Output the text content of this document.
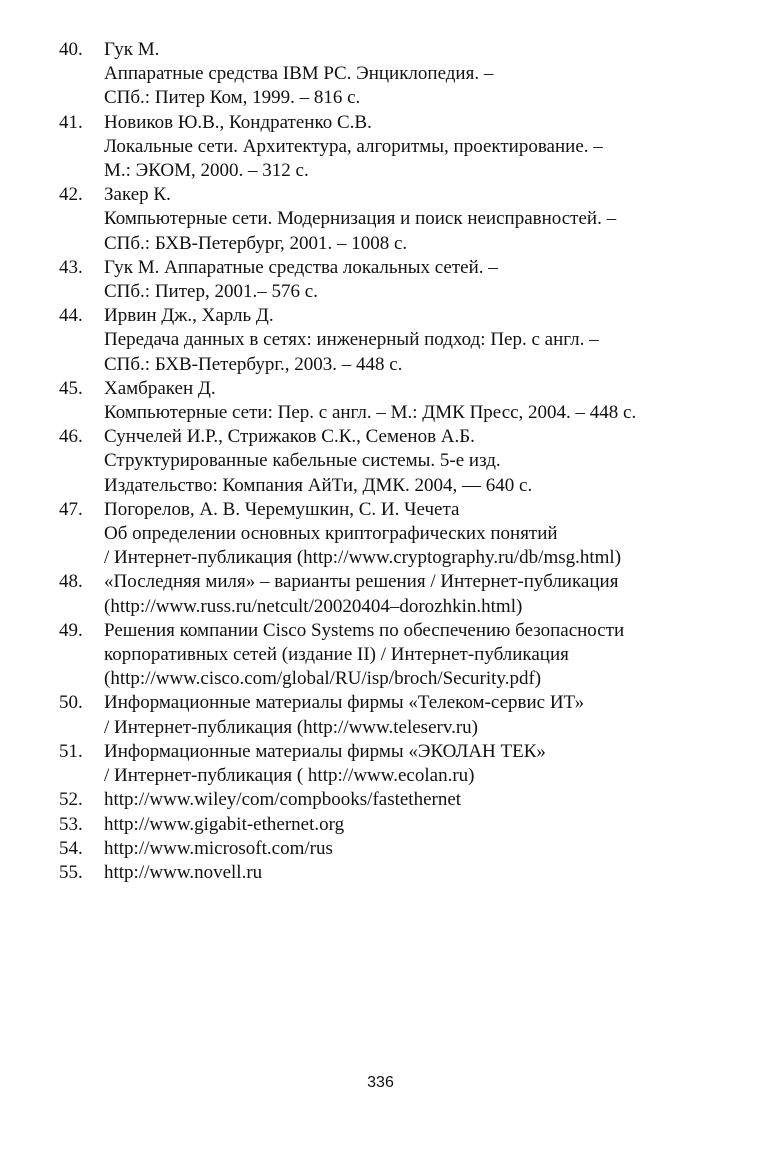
40. Гук М.
Аппаратные средства IBM PC. Энциклопедия. –
СПб.: Питер Ком, 1999. – 816 с.
41. Новиков Ю.В., Кондратенко С.В.
Локальные сети. Архитектура, алгоритмы, проектирование. –
М.: ЭКОМ, 2000. – 312 с.
42. Закер К.
Компьютерные сети. Модернизация и поиск неисправностей. –
СПб.: БХВ-Петербург, 2001. – 1008 с.
43. Гук М. Аппаратные средства локальных сетей. –
СПб.: Питер, 2001.– 576 с.
44. Ирвин Дж., Харль Д.
Передача данных в сетях: инженерный подход: Пер. с англ. –
СПб.: БХВ-Петербург., 2003. – 448 с.
45. Хамбракен Д.
Компьютерные сети: Пер. с англ. – М.: ДМК Пресс, 2004. – 448 с.
46. Сунчелей И.Р., Стрижаков С.К., Семенов А.Б.
Структурированные кабельные системы. 5-е изд.
Издательство: Компания АйТи, ДМК. 2004, — 640 с.
47. Погорелов, А. В. Черемушкин, С. И. Чечета
Об определении основных криптографических понятий
/ Интернет-публикация (http://www.cryptography.ru/db/msg.html)
48. «Последняя миля» – варианты решения / Интернет-публикация
(http://www.russ.ru/netcult/20020404–dorozhkin.html)
49. Решения компании Cisco Systems по обеспечению безопасности
корпоративных сетей (издание II) / Интернет-публикация
(http://www.cisco.com/global/RU/isp/broch/Security.pdf)
50. Информационные материалы фирмы «Телеком-сервис ИТ»
/ Интернет-публикация (http://www.teleserv.ru)
51. Информационные материалы фирмы «ЭКОЛАН ТЕК»
/ Интернет-публикация ( http://www.ecolan.ru)
52. http://www.wiley/com/compbooks/fastethernet
53. http://www.gigabit-ethernet.org
54. http://www.microsoft.com/rus
55. http://www.novell.ru
336
